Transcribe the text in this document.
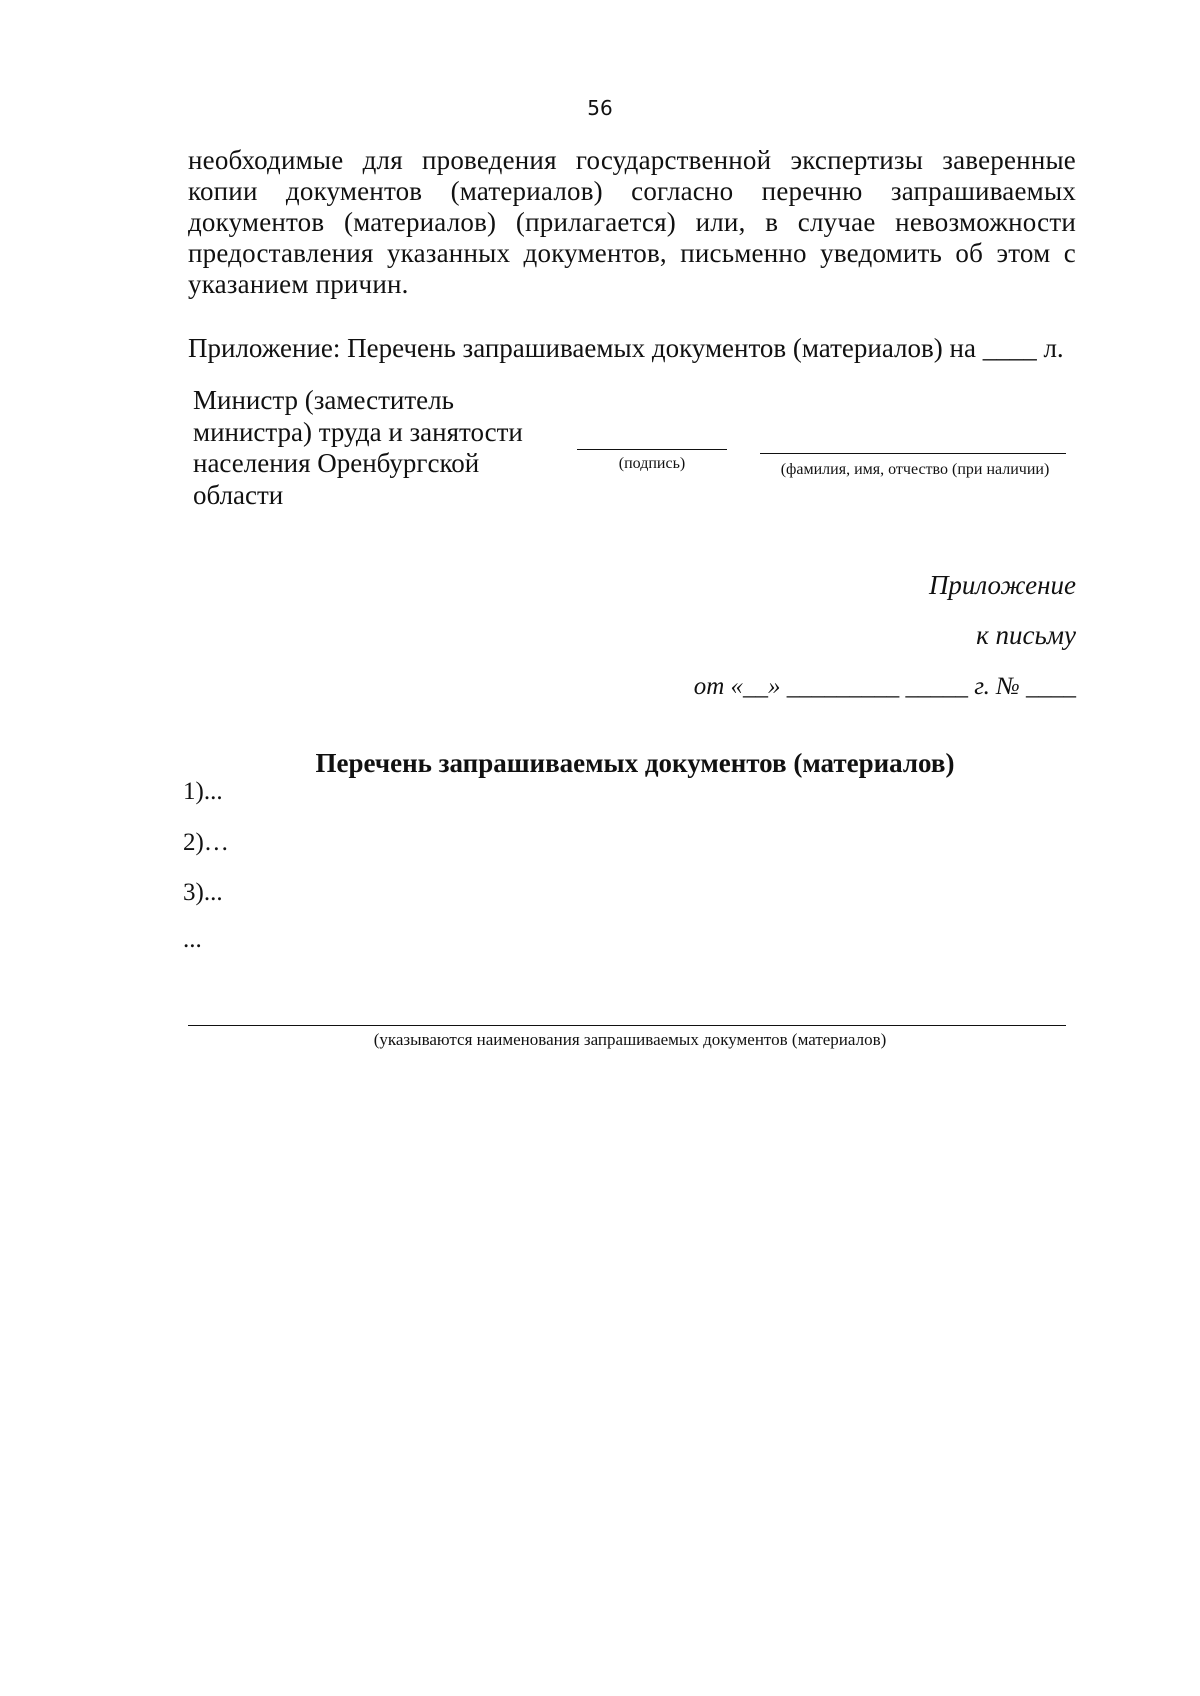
56
необходимые для проведения государственной экспертизы заверенные копии документов (материалов) согласно перечню запрашиваемых документов (материалов) (прилагается) или, в случае невозможности предоставления указанных документов, письменно уведомить об этом с указанием причин.
Приложение: Перечень запрашиваемых документов (материалов) на ____ л.
Министр (заместитель министра) труда и занятости населения Оренбургской области
(подпись)	(фамилия, имя, отчество (при наличии)
Приложение
к письму
от «__» _________ _____ г. № ____
Перечень запрашиваемых документов (материалов)
1)...
2)…
3)...
...
(указываются наименования запрашиваемых документов (материалов)
